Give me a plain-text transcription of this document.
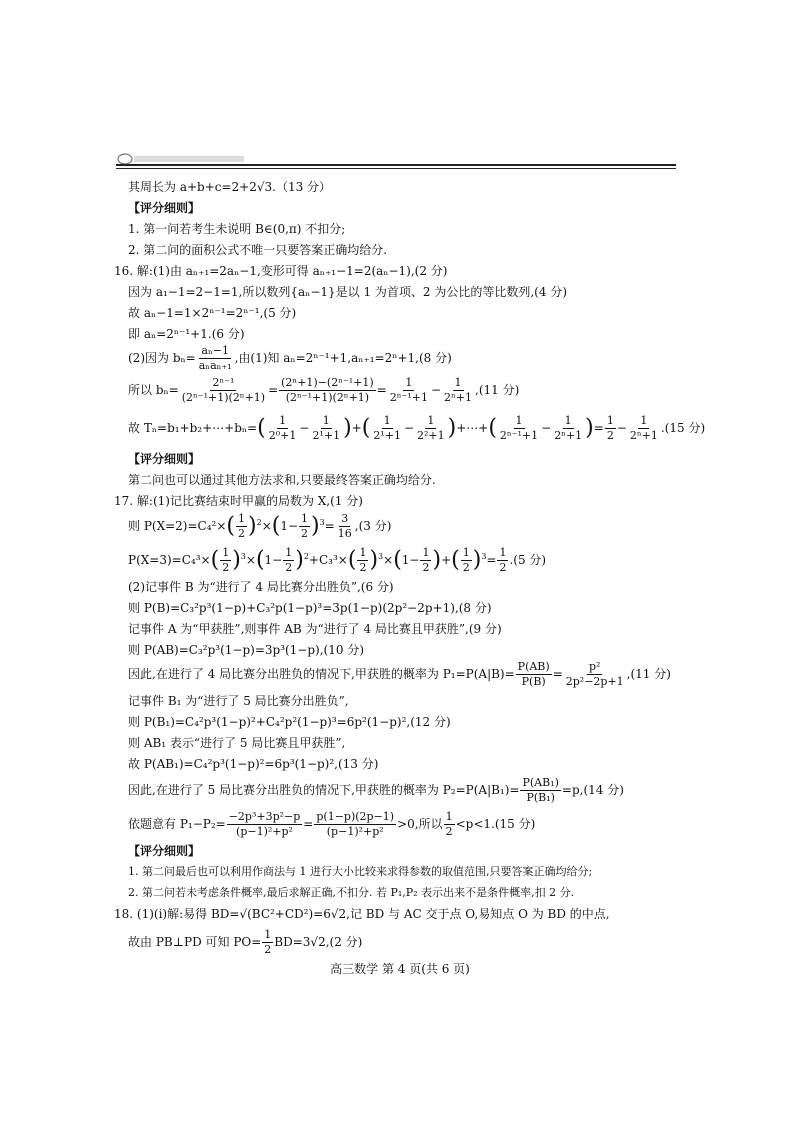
其周长为 a+b+c=2+2√3.（13 分）
【评分细则】
1. 第一问若考生未说明 B∈(0,π) 不扣分;
2. 第二问的面积公式不唯一只要答案正确均给分.
16. 解:(1)由 aₙ₊₁=2aₙ−1,变形可得 aₙ₊₁−1=2(aₙ−1),(2 分)
因为 a₁−1=2−1=1,所以数列{aₙ−1}是以 1 为首项、2 为公比的等比数列,(4 分)
故 aₙ−1=1×2ⁿ⁻¹=2ⁿ⁻¹,(5 分)
即 aₙ=2ⁿ⁻¹+1.(6 分)
(2)因为 $b_n= \frac{\text{aₙ−1}}{\text{aₙaₙ₊₁}}$ ,由(1)知 aₙ=2ⁿ⁻¹+1,aₙ₊₁=2ⁿ+1,(8 分)
所以 $b_n= \frac{\text{2ⁿ⁻¹}}{\text{(2ⁿ⁻¹+1)(2ⁿ+1)}} = \frac{\text{(2ⁿ+1)−(2ⁿ⁻¹+1)}}{\text{(2ⁿ⁻¹+1)(2ⁿ+1)}} = \frac{1}{\text{2ⁿ⁻¹+1}} - \frac{1}{\text{2ⁿ+1}} ,(11$ 分)
故 Tₙ=b₁+b₂+⋯+bₙ=( $\frac{1}{\text{2⁰+1}} - \frac{1}{\text{2¹+1}}$ )+( $\frac{1}{\text{2¹+1}} - \frac{1}{\text{2²+1}}$ )+⋯+( $\frac{1}{\text{2ⁿ⁻¹+1}} - \frac{1}{\text{2ⁿ+1}}$ )= $\frac{1}{2} - \frac{1}{\text{2ⁿ+1}} .(15$ 分)
【评分细则】
第二问也可以通过其他方法求和,只要最终答案正确均给分.
17. 解:(1)记比赛结束时甲赢的局数为 X,(1 分)
则 $P(X=2)=C_4^2\times( \frac{1}{2} )^2\times(1- \frac{1}{2} )^3= \frac{3}{16} ,(3$ 分)
$P(X=3)=C_4^3\times( \frac{1}{2} )^3\times(1- \frac{1}{2} )^2+C_3^3\times( \frac{1}{2} )^3\times(1- \frac{1}{2}$ )+( $\frac{1}{2} )^3= \frac{1}{2} .(5$ 分)
(2)记事件 B 为“进行了 4 局比赛分出胜负”,(6 分)
则 P(B)=C₃²p³(1−p)+C₃²p(1−p)³=3p(1−p)(2p²−2p+1),(8 分)
记事件 A 为“甲获胜”,则事件 AB 为“进行了 4 局比赛且甲获胜”,(9 分)
则 P(AB)=C₃²p³(1−p)=3p³(1−p),(10 分)
因此,在进行了 4 局比赛分出胜负的情况下,甲获胜的概率为 $P_1=P(A|B)= \frac{P(AB)}{P(B)} = \frac{\text{p²}}{\text{2p²−2p+1}} ,(11$ 分)
记事件 B₁ 为“进行了 5 局比赛分出胜负”,
则 P(B₁)=C₄²p³(1−p)²+C₄²p²(1−p)³=6p²(1−p)²,(12 分)
则 AB₁ 表示“进行了 5 局比赛且甲获胜”,
故 P(AB₁)=C₄²p³(1−p)²=6p³(1−p)²,(13 分)
因此,在进行了 5 局比赛分出胜负的情况下,甲获胜的概率为 $P_2=P(A|B_1)= \frac{\text{P(AB₁)}}{\text{P(B₁)}} =p,(14$ 分)
依题意有 $P_1-P_2= \frac{\text{−2p³+3p²−p}}{\text{(p−1)²+p²}} = \frac{p(1-p)(2p-1)}{\text{(p−1)²+p²}} >0$,所以 $\frac{1}{2} <p<1.(15$ 分)
【评分细则】
1. 第二问最后也可以利用作商法与 1 进行大小比较来求得参数的取值范围,只要答案正确均给分;
2. 第二问若未考虑条件概率,最后求解正确,不扣分. 若 P₁,P₂ 表示出来不是条件概率,扣 2 分.
18. (1)(i)解:易得 BD=√(BC²+CD²)=6√2,记 BD 与 AC 交于点 O,易知点 O 为 BD 的中点,
故由 PB⊥PD 可知 $PO= \frac{1}{2} BD=3√2,(2$ 分)
高三数学 第 4 页(共 6 页)
